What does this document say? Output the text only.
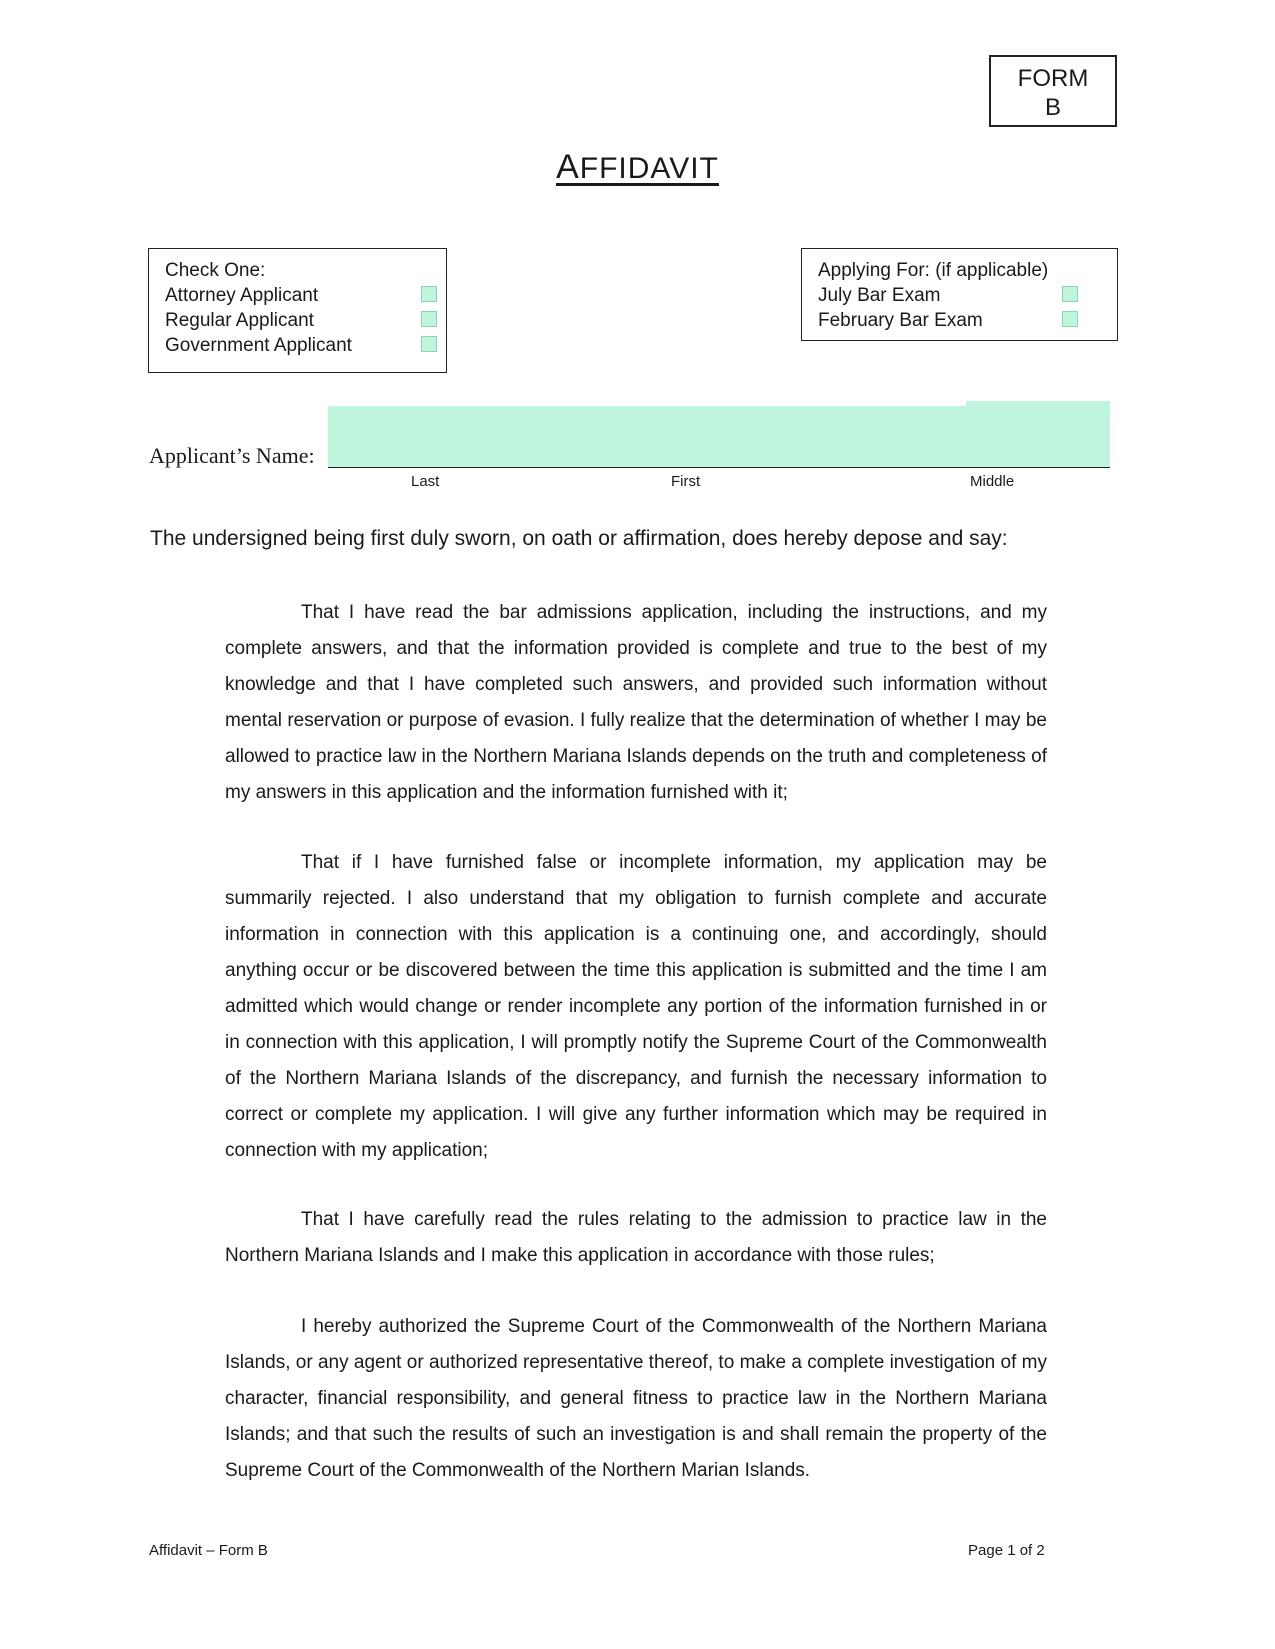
FORM
B
AFFIDAVIT
Check One:
Attorney Applicant
Regular Applicant
Government Applicant
Applying For: (if applicable)
July Bar Exam
February Bar Exam
Applicant’s Name:
Last	First	Middle
The undersigned being first duly sworn, on oath or affirmation, does hereby depose and say:

That I have read the bar admissions application, including the instructions, and my complete answers, and that the information provided is complete and true to the best of my knowledge and that I have completed such answers, and provided such information without mental reservation or purpose of evasion. I fully realize that the determination of whether I may be allowed to practice law in the Northern Mariana Islands depends on the truth and completeness of my answers in this application and the information furnished with it;

That if I have furnished false or incomplete information, my application may be summarily rejected. I also understand that my obligation to furnish complete and accurate information in connection with this application is a continuing one, and accordingly, should anything occur or be discovered between the time this application is submitted and the time I am admitted which would change or render incomplete any portion of the information furnished in or in connection with this application, I will promptly notify the Supreme Court of the Commonwealth of the Northern Mariana Islands of the discrepancy, and furnish the necessary information to correct or complete my application. I will give any further information which may be required in connection with my application;

That I have carefully read the rules relating to the admission to practice law in the Northern Mariana Islands and I make this application in accordance with those rules;

I hereby authorized the Supreme Court of the Commonwealth of the Northern Mariana Islands, or any agent or authorized representative thereof, to make a complete investigation of my character, financial responsibility, and general fitness to practice law in the Northern Mariana Islands; and that such the results of such an investigation is and shall remain the property of the Supreme Court of the Commonwealth of the Northern Marian Islands.

Affidavit – Form B	Page 1 of 2
